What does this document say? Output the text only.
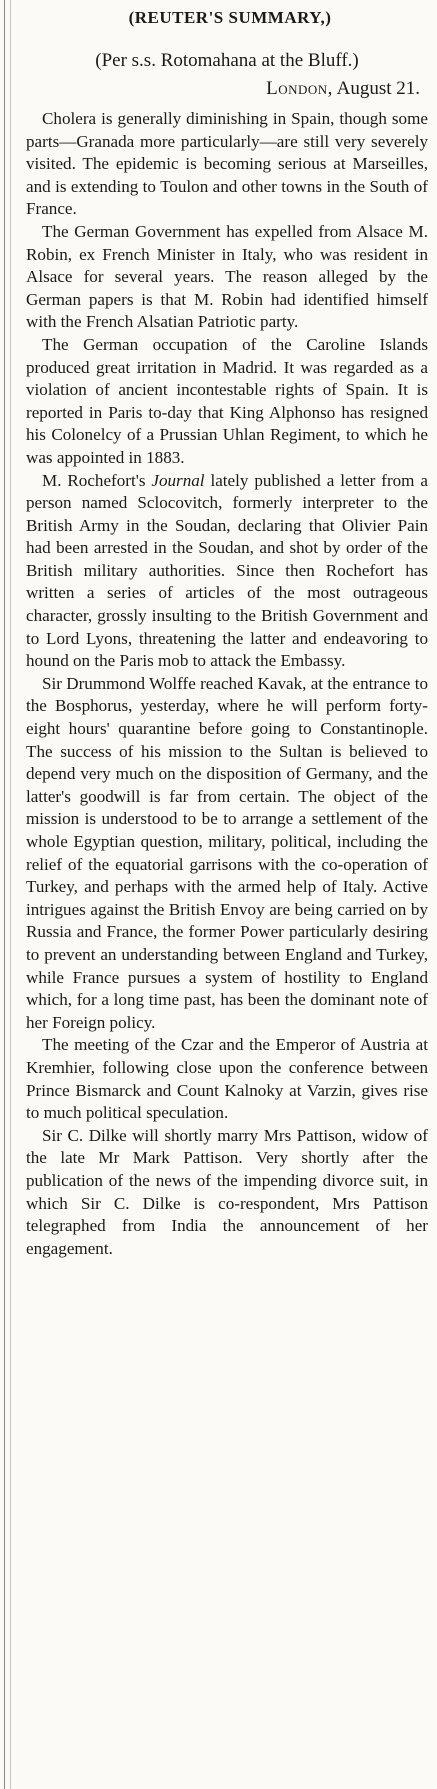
(REUTER'S SUMMARY,)
(Per s.s. Rotomahana at the Bluff.)
London, August 21.

Cholera is generally diminishing in Spain, though some parts—Granada more particularly—are still very severely visited. The epidemic is becoming serious at Marseilles, and is extending to Toulon and other towns in the South of France.

The German Government has expelled from Alsace M. Robin, ex French Minister in Italy, who was resident in Alsace for several years. The reason alleged by the German papers is that M. Robin had identified himself with the French Alsatian Patriotic party.

The German occupation of the Caroline Islands produced great irritation in Madrid. It was regarded as a violation of ancient incontestable rights of Spain. It is reported in Paris to-day that King Alphonso has resigned his Colonelcy of a Prussian Uhlan Regiment, to which he was appointed in 1883.

M. Rochefort's Journal lately published a letter from a person named Sclocovitch, formerly interpreter to the British Army in the Soudan, declaring that Olivier Pain had been arrested in the Soudan, and shot by order of the British military authorities. Since then Rochefort has written a series of articles of the most outrageous character, grossly insulting to the British Government and to Lord Lyons, threatening the latter and endeavoring to hound on the Paris mob to attack the Embassy.

Sir Drummond Wolffe reached Kavak, at the entrance to the Bosphorus, yesterday, where he will perform forty-eight hours' quarantine before going to Constantinople. The success of his mission to the Sultan is believed to depend very much on the disposition of Germany, and the latter's goodwill is far from certain. The object of the mission is understood to be to arrange a settlement of the whole Egyptian question, military, political, including the relief of the equatorial garrisons with the co-operation of Turkey, and perhaps with the armed help of Italy. Active intrigues against the British Envoy are being carried on by Russia and France, the former Power particularly desiring to prevent an understanding between England and Turkey, while France pursues a system of hostility to England which, for a long time past, has been the dominant note of her Foreign policy.

The meeting of the Czar and the Emperor of Austria at Kremhier, following close upon the conference between Prince Bismarck and Count Kalnoky at Varzin, gives rise to much political speculation.

Sir C. Dilke will shortly marry Mrs Pattison, widow of the late Mr Mark Pattison. Very shortly after the publication of the news of the impending divorce suit, in which Sir C. Dilke is co-respondent, Mrs Pattison telegraphed from India the announcement of her engagement.
